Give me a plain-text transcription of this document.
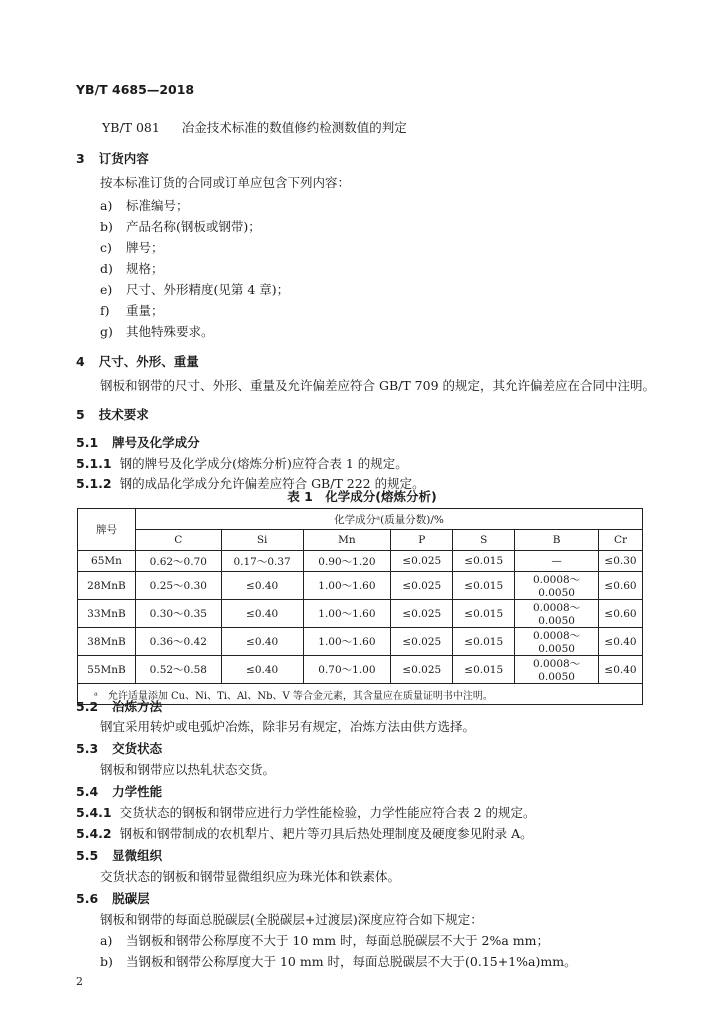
YB/T 4685—2018
YB/T 081 冶金技术标准的数值修约检测数值的判定
3 订货内容
按本标准订货的合同或订单应包含下列内容：
a) 标准编号；
b) 产品名称(钢板或钢带)；
c) 牌号；
d) 规格；
e) 尺寸、外形精度(见第 4 章)；
f) 重量；
g) 其他特殊要求。
4 尺寸、外形、重量
钢板和钢带的尺寸、外形、重量及允许偏差应符合 GB/T 709 的规定，其允许偏差应在合同中注明。
5 技术要求
5.1 牌号及化学成分
5.1.1 钢的牌号及化学成分(熔炼分析)应符合表 1 的规定。
5.1.2 钢的成品化学成分允许偏差应符合 GB/T 222 的规定。
表 1　化学成分(熔炼分析)
牌号	化学成分ᵃ(质量分数)/%						
	C	Si	Mn	P	S	B	Cr
65Mn	0.62～0.70	0.17～0.37	0.90～1.20	≤0.025	≤0.015	—	≤0.30
28MnB	0.25～0.30	≤0.40	1.00～1.60	≤0.025	≤0.015	0.0008～0.0050	≤0.60
33MnB	0.30～0.35	≤0.40	1.00～1.60	≤0.025	≤0.015	0.0008～0.0050	≤0.60
38MnB	0.36～0.42	≤0.40	1.00～1.60	≤0.025	≤0.015	0.0008～0.0050	≤0.40
55MnB	0.52～0.58	≤0.40	0.70～1.00	≤0.025	≤0.015	0.0008～0.0050	≤0.40
ᵃ　允许适量添加 Cu、Ni、Ti、Al、Nb、V 等合金元素，其含量应在质量证明书中注明。							
5.2 冶炼方法
钢宜采用转炉或电弧炉冶炼，除非另有规定，冶炼方法由供方选择。
5.3 交货状态
钢板和钢带应以热轧状态交货。
5.4 力学性能
5.4.1 交货状态的钢板和钢带应进行力学性能检验，力学性能应符合表 2 的规定。
5.4.2 钢板和钢带制成的农机犁片、耙片等刃具后热处理制度及硬度参见附录 A。
5.5 显微组织
交货状态的钢板和钢带显微组织应为珠光体和铁素体。
5.6 脱碳层
钢板和钢带的每面总脱碳层(全脱碳层+过渡层)深度应符合如下规定：
a) 当钢板和钢带公称厚度不大于 10 mm 时，每面总脱碳层不大于 2%a mm；
b) 当钢板和钢带公称厚度大于 10 mm 时，每面总脱碳层不大于(0.15+1%a)mm。
2
